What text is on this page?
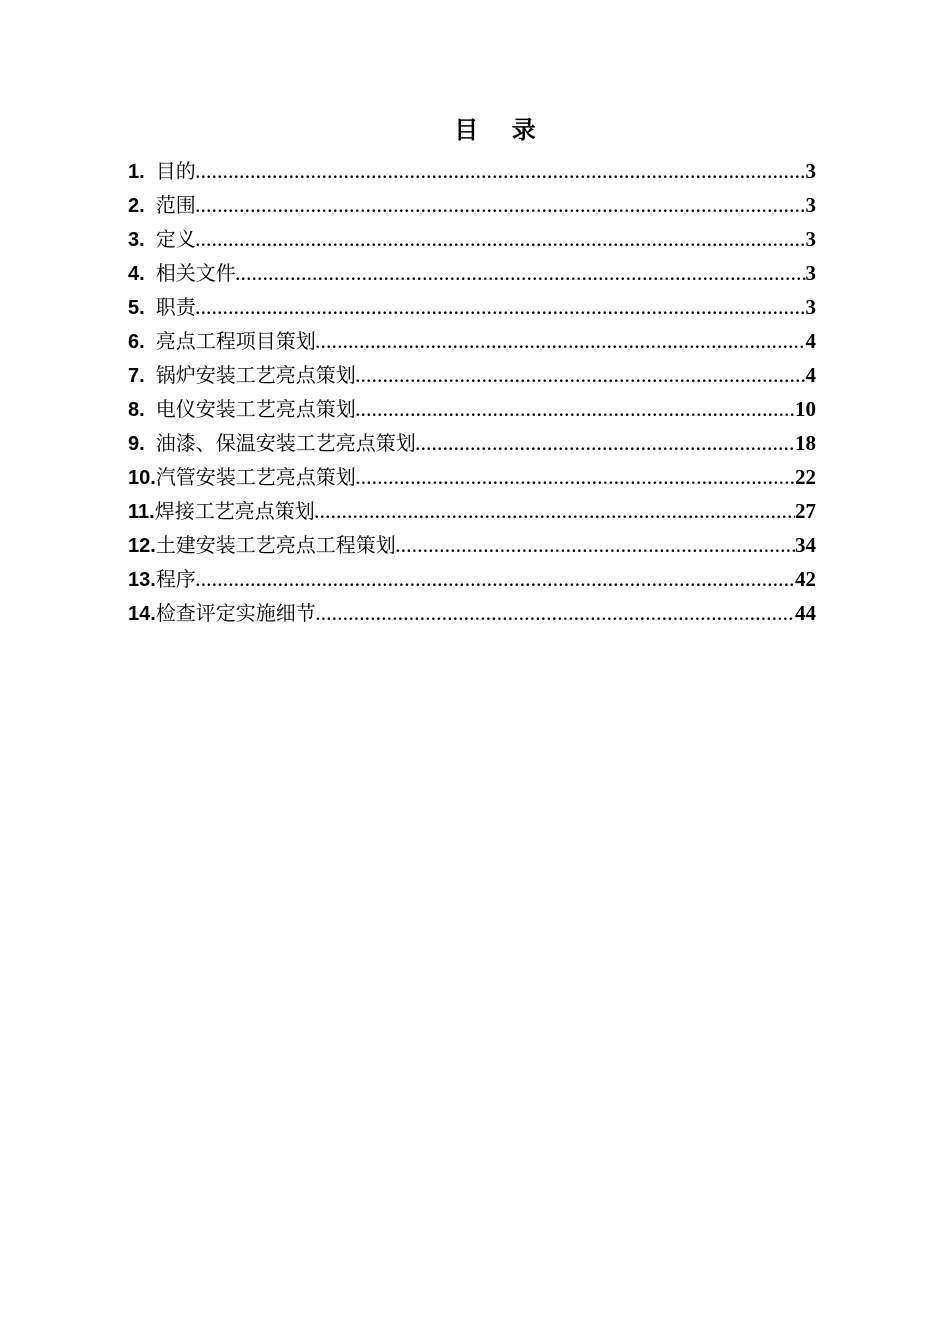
目    录
1. 目的 .....	3
2. 范围 .....	3
3. 定义 .....	3
4. 相关文件 .....	3
5. 职责 .....	3
6. 亮点工程项目策划 .....	4
7. 锅炉安装工艺亮点策划 .....	4
8. 电仪安装工艺亮点策划 .....	10
9. 油漆、保温安装工艺亮点策划 .....	18
10. 汽管安装工艺亮点策划 .....	22
11. 焊接工艺亮点策划 .....	27
12. 土建安装工艺亮点工程策划 .....	34
13. 程序 .....	42
14. 检查评定实施细节 .....	44
